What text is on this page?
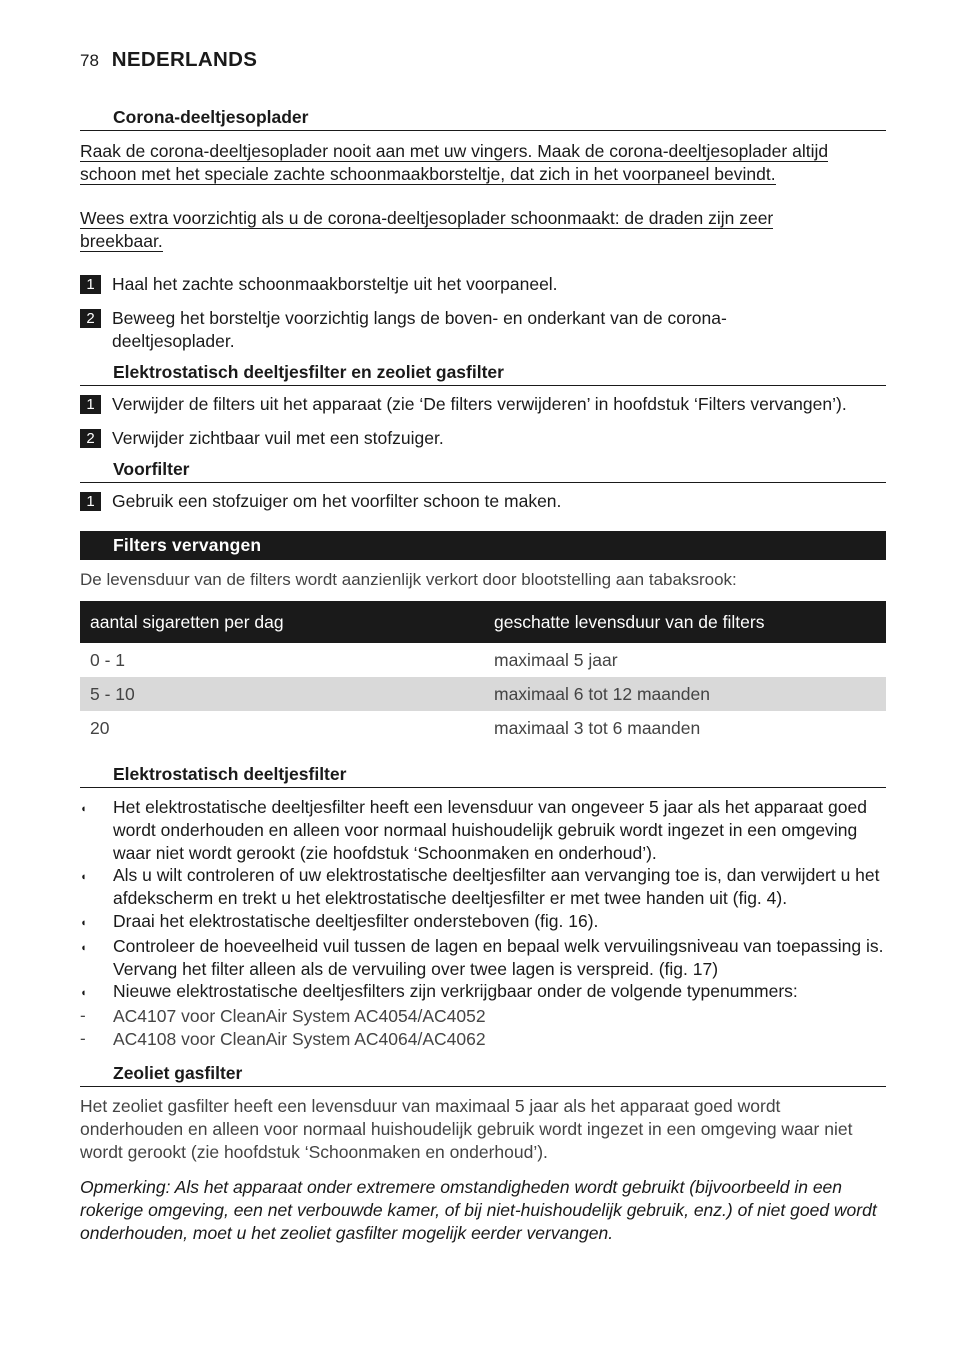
78 NEDERLANDS
Corona-deeltjesoplader
Raak de corona-deeltjesoplader nooit aan met uw vingers. Maak de corona-deeltjesoplader altijd
schoon met het speciale zachte schoonmaakborsteltje, dat zich in het voorpaneel bevindt.
Wees extra voorzichtig als u de corona-deeltjesoplader schoonmaakt: de draden zijn zeer
breekbaar.
1 Haal het zachte schoonmaakborsteltje uit het voorpaneel.
2 Beweeg het borsteltje voorzichtig langs de boven- en onderkant van de corona-deeltjesoplader.
Elektrostatisch deeltjesfilter en zeoliet gasfilter
1 Verwijder de filters uit het apparaat (zie ‘De filters verwijderen’ in hoofdstuk ‘Filters vervangen’).
2 Verwijder zichtbaar vuil met een stofzuiger.
Voorfilter
1 Gebruik een stofzuiger om het voorfilter schoon te maken.
Filters vervangen
De levensduur van de filters wordt aanzienlijk verkort door blootstelling aan tabaksrook:
aantal sigaretten per dag	geschatte levensduur van de filters
0 - 1	maximaal 5 jaar
5 - 10	maximaal 6 tot 12 maanden
20	maximaal 3 tot 6 maanden
Elektrostatisch deeltjesfilter
◖	Het elektrostatische deeltjesfilter heeft een levensduur van ongeveer 5 jaar als het apparaat goed wordt onderhouden en alleen voor normaal huishoudelijk gebruik wordt ingezet in een omgeving waar niet wordt gerookt (zie hoofdstuk ‘Schoonmaken en onderhoud’).
◖	Als u wilt controleren of uw elektrostatische deeltjesfilter aan vervanging toe is, dan verwijdert u het afdekscherm en trekt u het elektrostatische deeltjesfilter er met twee handen uit (fig. 4).
◖	Draai het elektrostatische deeltjesfilter ondersteboven (fig. 16).
◖	Controleer de hoeveelheid vuil tussen de lagen en bepaal welk vervuilingsniveau van toepassing is. Vervang het filter alleen als de vervuiling over twee lagen is verspreid. (fig. 17)
◖	Nieuwe elektrostatische deeltjesfilters zijn verkrijgbaar onder de volgende typenummers:
-	AC4107 voor CleanAir System AC4054/AC4052
-	AC4108 voor CleanAir System AC4064/AC4062
Zeoliet gasfilter
Het zeoliet gasfilter heeft een levensduur van maximaal 5 jaar als het apparaat goed wordt onderhouden en alleen voor normaal huishoudelijk gebruik wordt ingezet in een omgeving waar niet wordt gerookt (zie hoofdstuk ‘Schoonmaken en onderhoud’).
Opmerking: Als het apparaat onder extremere omstandigheden wordt gebruikt (bijvoorbeeld in een rokerige omgeving, een net verbouwde kamer, of bij niet-huishoudelijk gebruik, enz.) of niet goed wordt onderhouden, moet u het zeoliet gasfilter mogelijk eerder vervangen.
